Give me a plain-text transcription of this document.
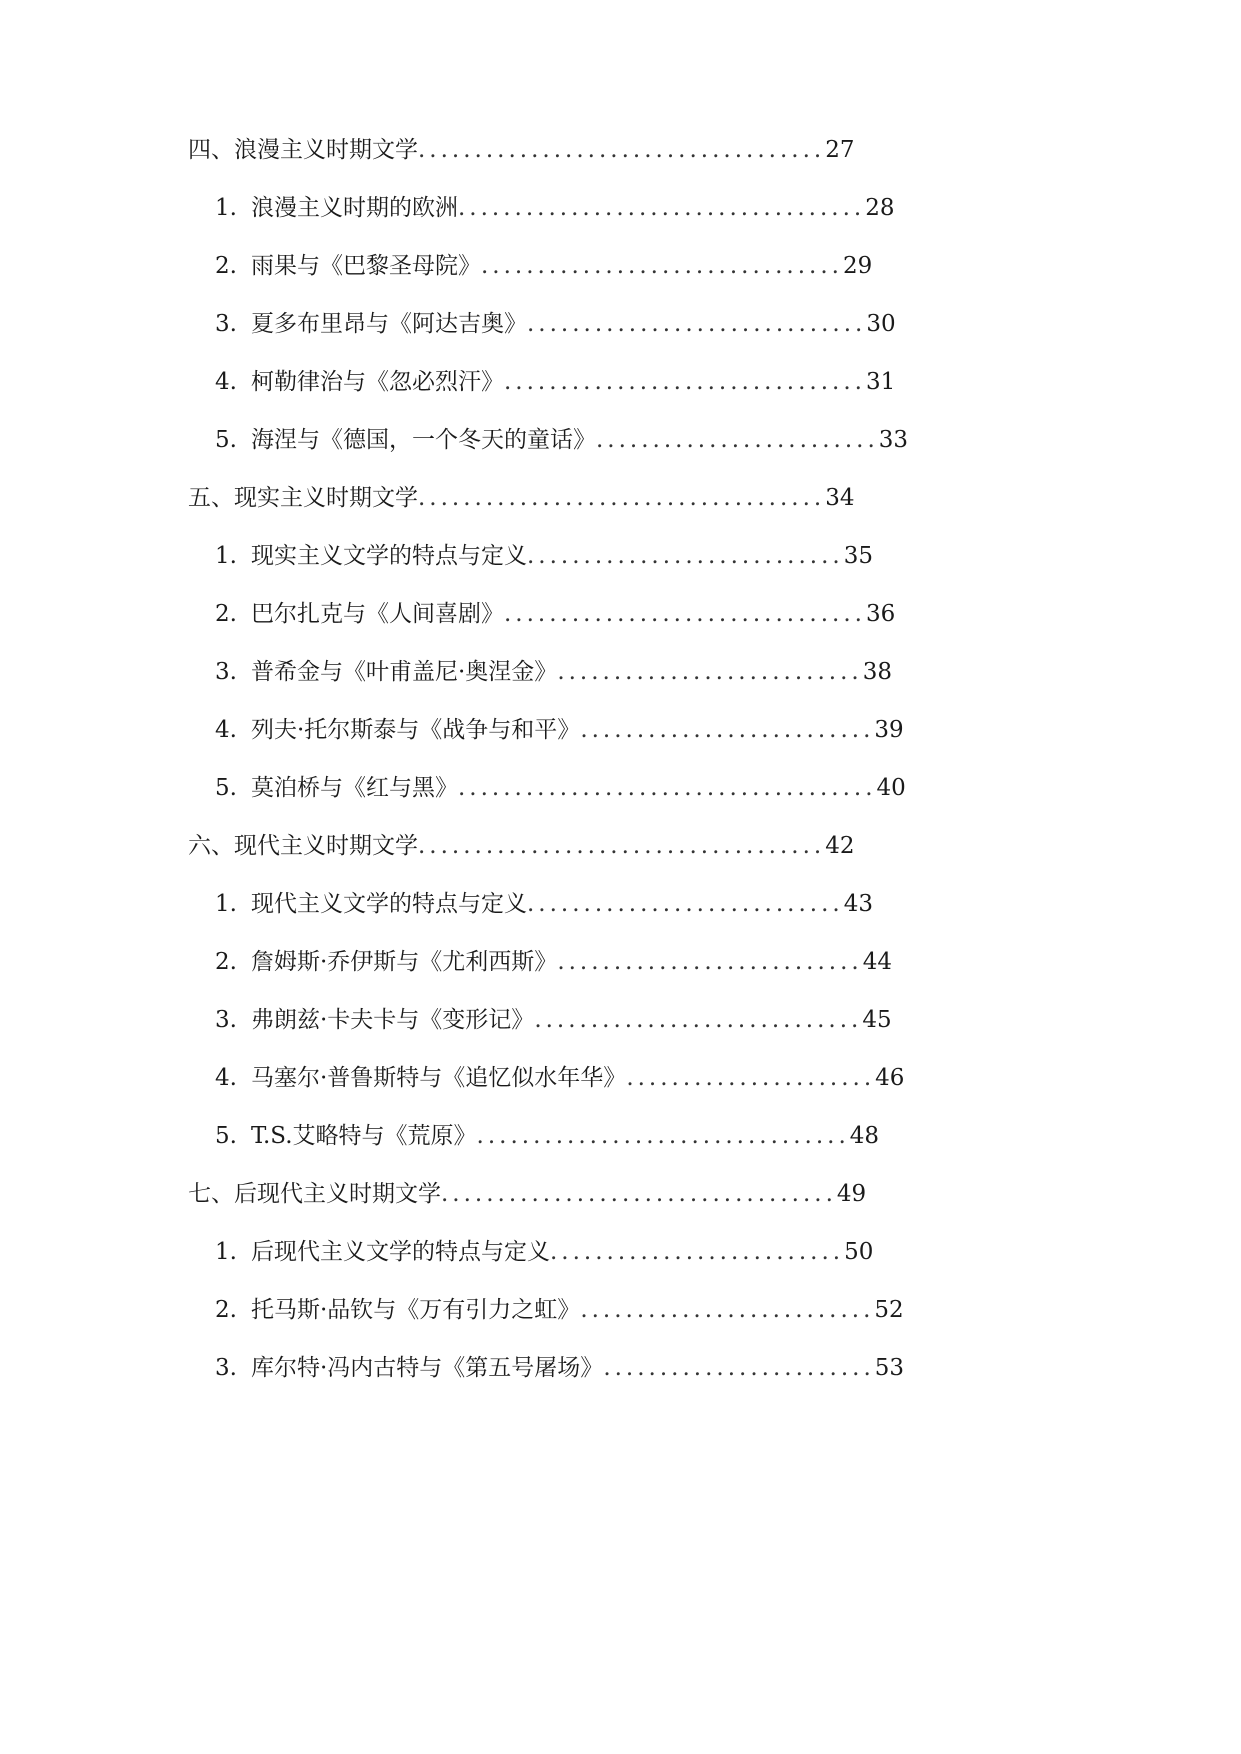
四、浪漫主义时期文学....................................27
1. 浪漫主义时期的欧洲....................................28
2. 雨果与《巴黎圣母院》................................29
3. 夏多布里昂与《阿达吉奥》..............................30
4. 柯勒律治与《忽必烈汗》................................31
5. 海涅与《德国，一个冬天的童话》.........................33
五、现实主义时期文学....................................34
1. 现实主义文学的特点与定义............................35
2. 巴尔扎克与《人间喜剧》................................36
3. 普希金与《叶甫盖尼·奥涅金》...........................38
4. 列夫·托尔斯泰与《战争与和平》..........................39
5. 莫泊桥与《红与黑》.....................................40
六、现代主义时期文学....................................42
1. 现代主义文学的特点与定义............................43
2. 詹姆斯·乔伊斯与《尤利西斯》...........................44
3. 弗朗兹·卡夫卡与《变形记》.............................45
4. 马塞尔·普鲁斯特与《追忆似水年华》......................46
5. T.S.艾略特与《荒原》.................................48
七、后现代主义时期文学...................................49
1. 后现代主义文学的特点与定义..........................50
2. 托马斯·品钦与《万有引力之虹》..........................52
3. 库尔特·冯内古特与《第五号屠场》........................53
